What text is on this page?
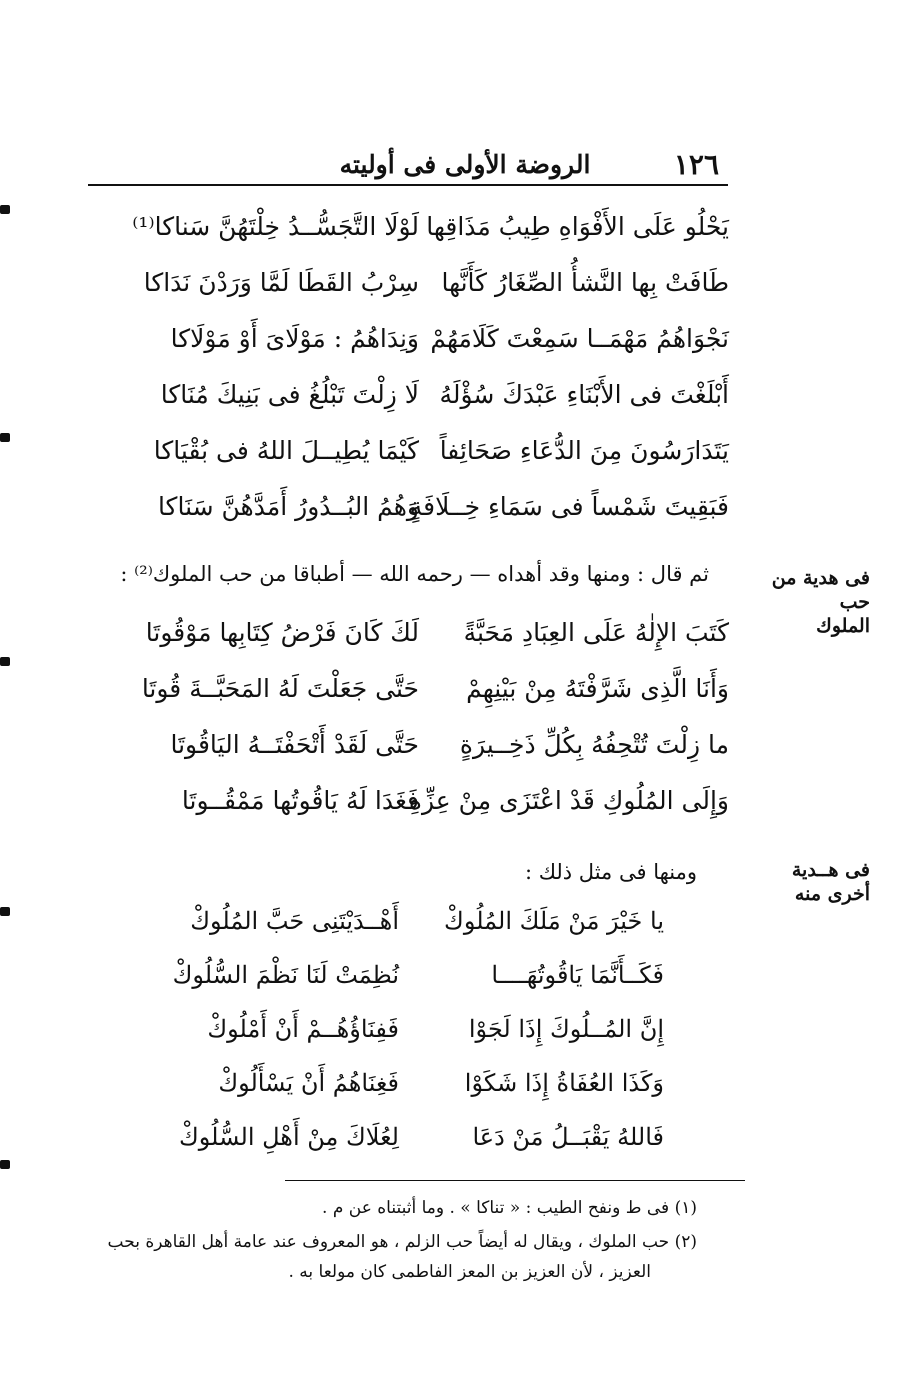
١٢٦
الروضة الأولى فى أوليته
يَحْلُو عَلَى الأَفْوَاهِ طِيبُ مَذَاقِها
لَوْلَا التَّجَسُّــدُ خِلْتَهُنَّ سَناكا⁽¹⁾
طَافَتْ بِها النَّشأُ الصِّغَارُ كَأَنَّها
سِرْبُ القَطَا لَمَّا وَرَدْنَ نَدَاكا
نَجْوَاهُمُ مَهْمَــا سَمِعْتَ كَلَامَهُمْ
وَنِدَاهُمُ : مَوْلَاىَ أَوْ مَوْلَاكا
أَبْلَغْتَ فى الأَبْنَاءِ عَبْدَكَ سُؤْلَهُ
لَا زِلْتَ تَبْلُغُ فى بَنِيكَ مُنَاكا
يَتَدَارَسُونَ مِنَ الدُّعَاءِ صَحَائِفاً
كَيْمَا يُطِيــلَ اللهُ فى بُقْيَاكا
فَبَقِيتَ شَمْساً فى سَمَاءِ خِــلَافَةٍ
وَهُمُ البُــدُورُ أَمَدَّهُنَّ سَنَاكا
فى هدية من حب
الملوك
ثم قال : ومنها وقد أهداه — رحمه الله — أطباقا من حب الملوك⁽²⁾ :
كَتَبَ الإِلٰهُ عَلَى العِبَادِ مَحَبَّةً
لَكَ كَانَ فَرْضُ كِتَابِها مَوْقُوتَا
وَأَنَا الَّذِى شَرَّفْتَهُ مِنْ بَيْنِهِمْ
حَتَّى جَعَلْتَ لَهُ المَحَبَّــةَ قُوتَا
ما زِلْتَ تُتْحِفُهُ بِكُلِّ ذَخِــيرَةٍ
حَتَّى لَقَدْ أَتْحَفْتَــهُ اليَاقُوتَا
وَإِلَى المُلُوكِ قَدْ اعْتَزَى مِنْ عِزِّهِ
فَغَدَا لَهُ يَاقُوتُها مَمْقُــوتَا
فى هــدية
أخرى منه
ومنها فى مثل ذلك :
يا خَيْرَ مَنْ مَلَكَ المُلُوكْ
أَهْــدَيْتَنِى حَبَّ المُلُوكْ
فَكَــأَنَّمَا يَاقُوتُهَــــا
نُظِمَتْ لَنَا نَظْمَ السُّلُوكْ
إِنَّ المُــلُوكَ إِذَا لَجَوْا
فَفِنَاؤُهُــمْ أَنْ أَمْلُوكْ
وَكَذَا العُفَاةُ إِذَا شَكَوْا
فَغِنَاهُمُ أَنْ يَسْأَلُوكْ
فَاللهُ يَقْبَــلُ مَنْ دَعَا
لِعُلَاكَ مِنْ أَهْلِ السُّلُوكْ
(١) فى ط ونفح الطيب : « تناكا » . وما أثبتناه عن م .
(٢) حب الملوك ، ويقال له أيضاً حب الزلم ، هو المعروف عند عامة أهل القاهرة بحب
العزيز ، لأن العزيز بن المعز الفاطمى كان مولعا به .
